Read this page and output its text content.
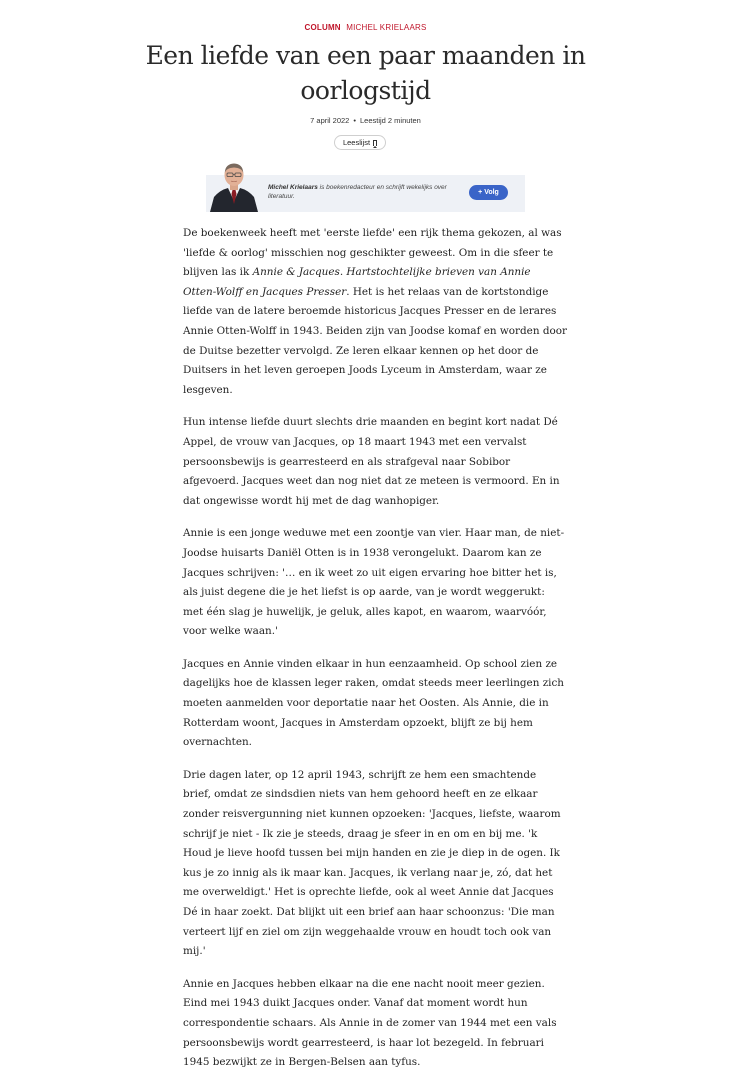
COLUMN MICHEL KRIELAARS
Een liefde van een paar maanden in oorlogstijd
7 april 2022 • Leestijd 2 minuten
Leeslijst
Michel Krielaars is boekenredacteur en schrijft wekelijks over literatuur.
+ Volg

De boekenweek heeft met 'eerste liefde' een rijk thema gekozen, al was 'liefde & oorlog' misschien nog geschikter geweest. Om in die sfeer te blijven las ik Annie & Jacques. Hartstochtelijke brieven van Annie Otten-Wolff en Jacques Presser. Het is het relaas van de kortstondige liefde van de latere beroemde historicus Jacques Presser en de lerares Annie Otten-Wolff in 1943. Beiden zijn van Joodse komaf en worden door de Duitse bezetter vervolgd. Ze leren elkaar kennen op het door de Duitsers in het leven geroepen Joods Lyceum in Amsterdam, waar ze lesgeven.

Hun intense liefde duurt slechts drie maanden en begint kort nadat Dé Appel, de vrouw van Jacques, op 18 maart 1943 met een vervalst persoonsbewijs is gearresteerd en als strafgeval naar Sobibor afgevoerd. Jacques weet dan nog niet dat ze meteen is vermoord. En in dat ongewisse wordt hij met de dag wanhopiger.

Annie is een jonge weduwe met een zoontje van vier. Haar man, de niet-Joodse huisarts Daniël Otten is in 1938 verongelukt. Daarom kan ze Jacques schrijven: '… en ik weet zo uit eigen ervaring hoe bitter het is, als juist degene die je het liefst is op aarde, van je wordt weggerukt: met één slag je huwelijk, je geluk, alles kapot, en waarom, waarvóór, voor welke waan.'

Jacques en Annie vinden elkaar in hun eenzaamheid. Op school zien ze dagelijks hoe de klassen leger raken, omdat steeds meer leerlingen zich moeten aanmelden voor deportatie naar het Oosten. Als Annie, die in Rotterdam woont, Jacques in Amsterdam opzoekt, blijft ze bij hem overnachten.

Drie dagen later, op 12 april 1943, schrijft ze hem een smachtende brief, omdat ze sindsdien niets van hem gehoord heeft en ze elkaar zonder reisvergunning niet kunnen opzoeken: 'Jacques, liefste, waarom schrijf je niet - Ik zie je steeds, draag je sfeer in en om en bij me. 'k Houd je lieve hoofd tussen bei mijn handen en zie je diep in de ogen. Ik kus je zo innig als ik maar kan. Jacques, ik verlang naar je, zó, dat het me overweldigt.' Het is oprechte liefde, ook al weet Annie dat Jacques Dé in haar zoekt. Dat blijkt uit een brief aan haar schoonzus: 'Die man verteert lijf en ziel om zijn weggehaalde vrouw en houdt toch ook van mij.'

Annie en Jacques hebben elkaar na die ene nacht nooit meer gezien. Eind mei 1943 duikt Jacques onder. Vanaf dat moment wordt hun correspondentie schaars. Als Annie in de zomer van 1944 met een vals persoonsbewijs wordt gearresteerd, is haar lot bezegeld. In februari 1945 bezwijkt ze in Bergen-Belsen aan tyfus.
